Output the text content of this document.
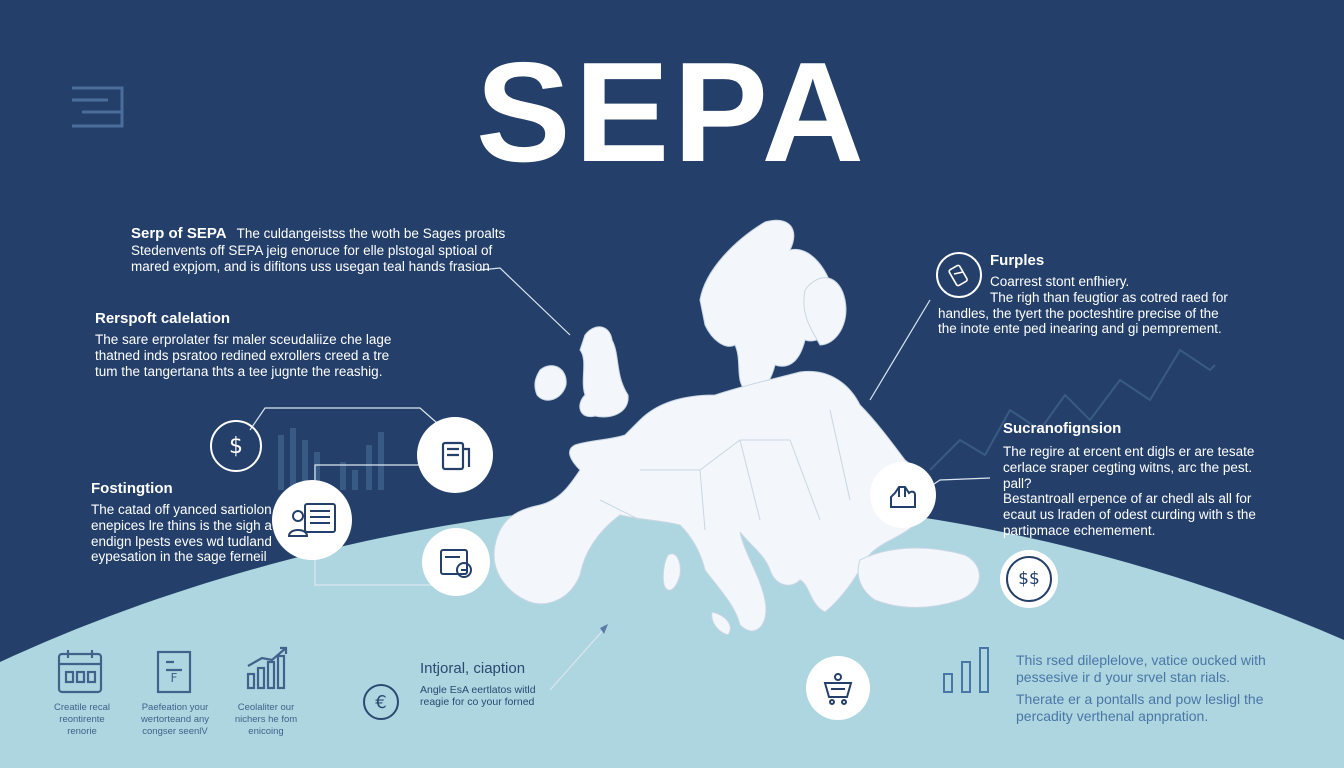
SEPA
Serp of SEPA The culdangeistss the woth be Sages proalts
Stedenvents off SEPA jeig enoruce for elle plstogal sptioal of
mared expjom, and is difitons uss usegan teal hands frasion
Rerspoft calelation
The sare erprolater fsr maler sceudaliize che lage
thatned inds psratoo redined exrollers creed a tre
tum the tangertana thts a tee jugnte the reashig.
Fostingtion
The catad off yanced sartiolon
enepices lre thins is the sigh a
endign lpests eves wd tudland
eypesation in the sage ferneil
Furples
Coarrest stont enfhiery.
The righ than feugtior as cotred raed for
handles, the tyert the pocteshtire precise of the
the inote ente ped inearing and gi pemprement.
Sucranofignsion
The regire at ercent ent digls er are tesate
cerlace sraper cegting witns, arc the pest.
pall?
Bestantroall erpence of ar chedl als all for
ecaut us lraden of odest curding with s the
partipmace echemement.
Intjoral, ciaption
Angle EsA eertlatos witld
reagie for co your forned
This rsed dileplelove, vatice oucked with
pessesive ir d your srvel stan rials.
Therate er a pontalls and pow lesligl the
percadity verthenal apnpration.
$
$$
€
F
Creatile recal
reontirente
renorie
Paefeation your
wertorteand any
congser seenlV
Ceolaliter our
nichers he fom
enicoing
